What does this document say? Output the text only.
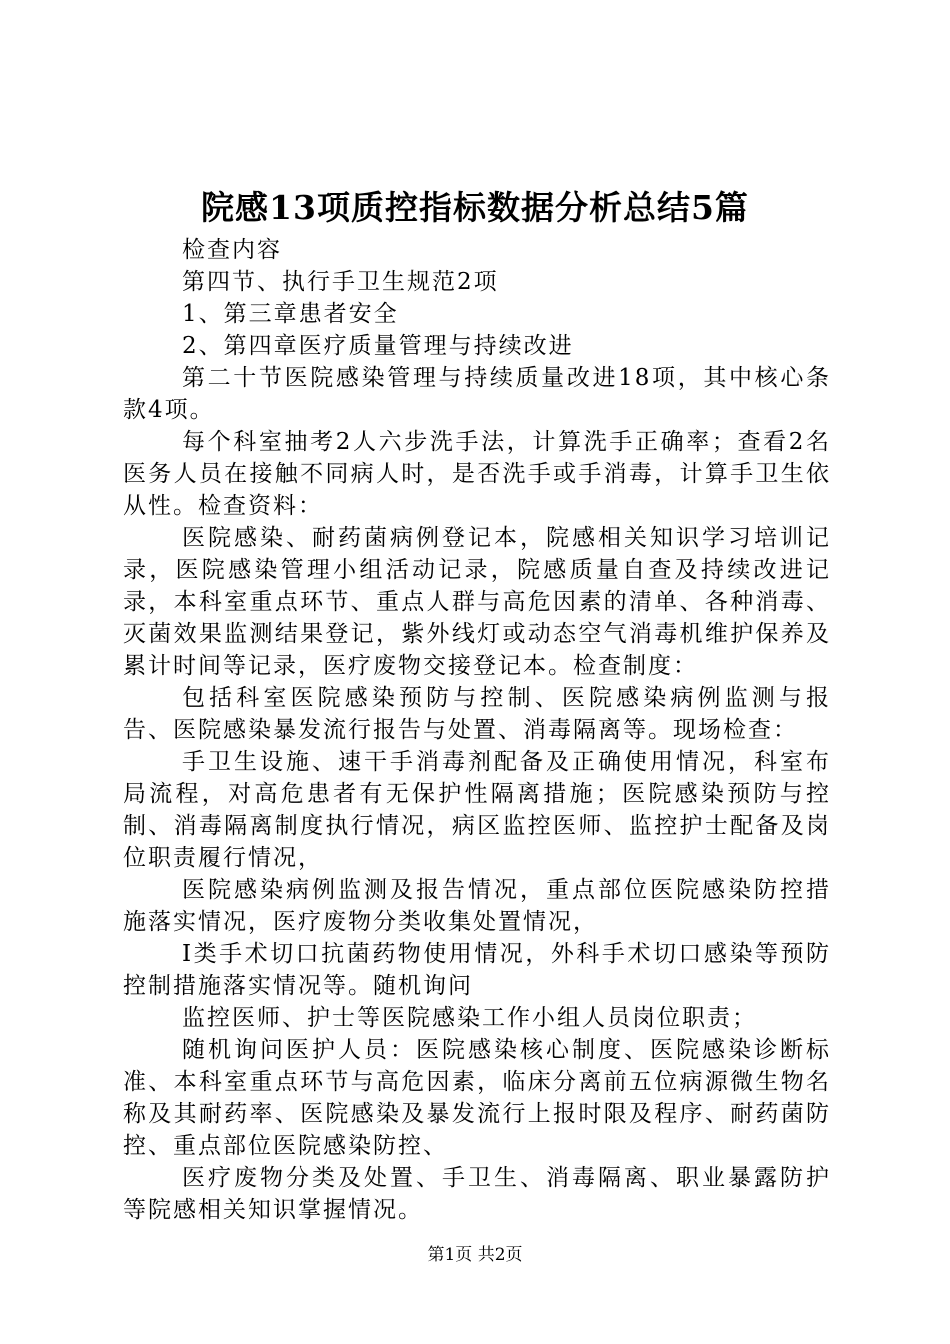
院感13项质控指标数据分析总结5篇

检查内容

第四节、执行手卫生规范2项

1、第三章患者安全

2、第四章医疗质量管理与持续改进

第二十节医院感染管理与持续质量改进18项，其中核心条款4项。

每个科室抽考2人六步洗手法，计算洗手正确率；查看2名医务人员在接触不同病人时，是否洗手或手消毒，计算手卫生依从性。检查资料：

医院感染、耐药菌病例登记本，院感相关知识学习培训记录，医院感染管理小组活动记录，院感质量自查及持续改进记录，本科室重点环节、重点人群与高危因素的清单、各种消毒、灭菌效果监测结果登记，紫外线灯或动态空气消毒机维护保养及累计时间等记录，医疗废物交接登记本。检查制度：

包括科室医院感染预防与控制、医院感染病例监测与报告、医院感染暴发流行报告与处置、消毒隔离等。现场检查：

手卫生设施、速干手消毒剂配备及正确使用情况，科室布局流程，对高危患者有无保护性隔离措施；医院感染预防与控制、消毒隔离制度执行情况，病区监控医师、监控护士配备及岗位职责履行情况，

医院感染病例监测及报告情况，重点部位医院感染防控措施落实情况，医疗废物分类收集处置情况，

Ⅰ类手术切口抗菌药物使用情况，外科手术切口感染等预防控制措施落实情况等。随机询问

监控医师、护士等医院感染工作小组人员岗位职责；

随机询问医护人员：医院感染核心制度、医院感染诊断标准、本科室重点环节与高危因素，临床分离前五位病源微生物名称及其耐药率、医院感染及暴发流行上报时限及程序、耐药菌防控、重点部位医院感染防控、

医疗废物分类及处置、手卫生、消毒隔离、职业暴露防护等院感相关知识掌握情况。

第1页 共2页
